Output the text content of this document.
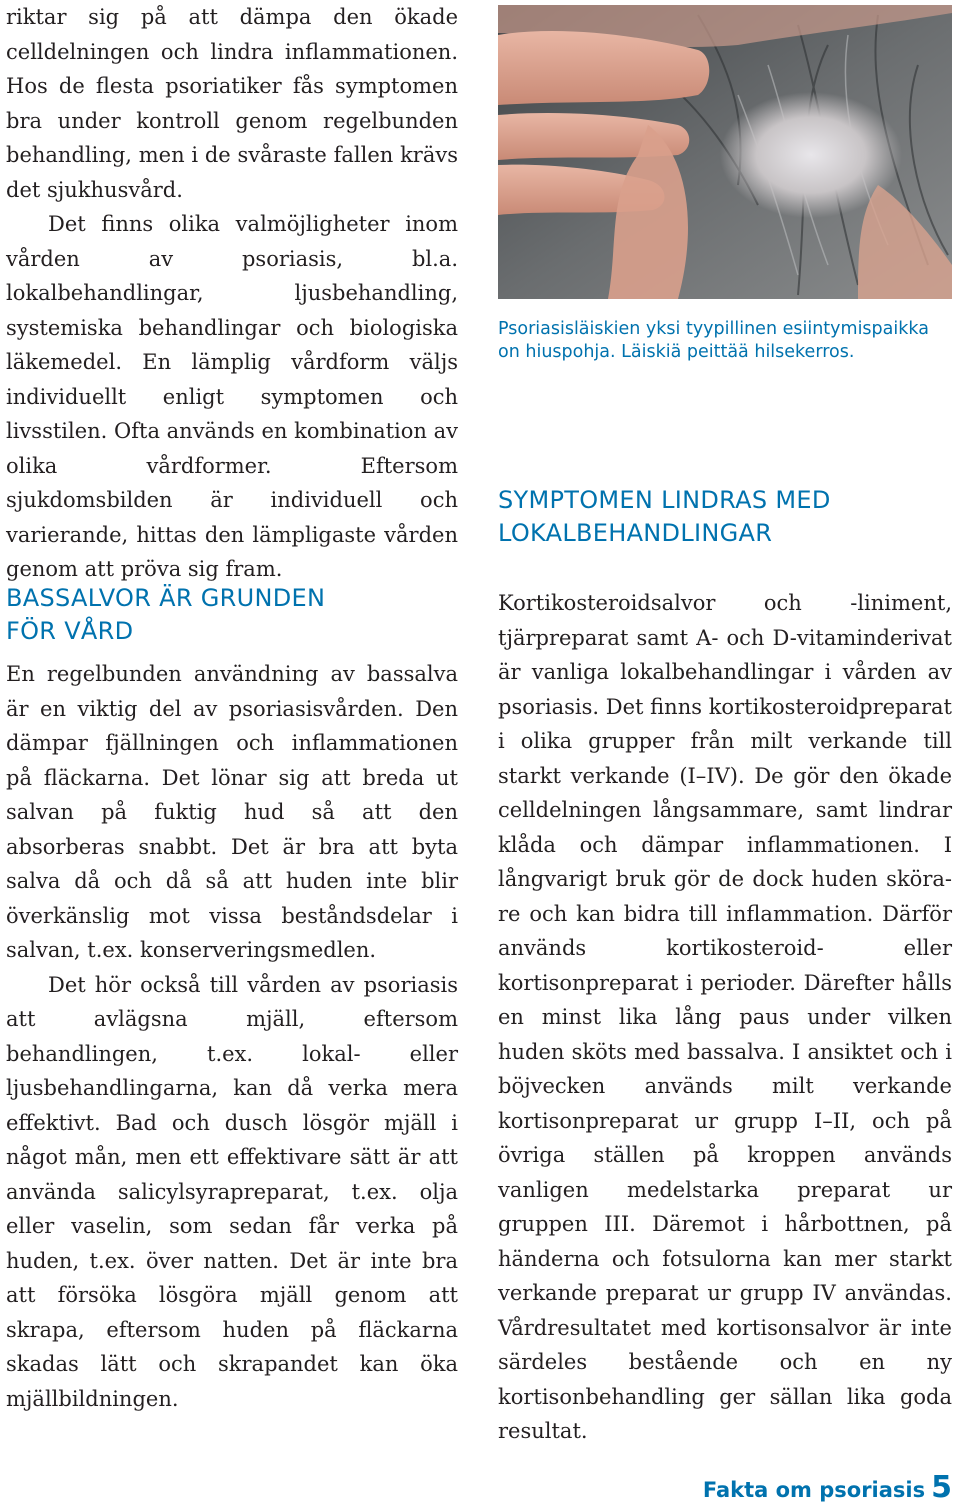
riktar sig på att dämpa den ökade celldelningen och lindra inflammationen. Hos de flesta psoriatiker fås symptomen bra under kontroll genom regelbunden behandling, men i de svåraste fallen krävs det sjukhusvård.

Det finns olika valmöjligheter inom vården av psoriasis, bl.a. lokalbehandlingar, ljusbehandling, systemiska behandlingar och biologiska läkemedel. En lämplig vårdform väljs individuellt enligt symptomen och livsstilen. Ofta används en kombination av olika vårdformer. Eftersom sjukdomsbilden är individuell och varierande, hittas den lämpligaste vården genom att pröva sig fram.

BASSALVOR ÄR GRUNDEN
FÖR VÅRD

En regelbunden användning av bassalva är en viktig del av psoriasisvården. Den dämpar fjällningen och inflammationen på fläckarna. Det lönar sig att breda ut salvan på fuktig hud så att den absorberas snabbt. Det är bra att byta salva då och då så att huden inte blir överkänslig mot vissa beståndsdelar i salvan, t.ex. konserveringsmedlen.

Det hör också till vården av psoriasis att avlägsna mjäll, eftersom behandlingen, t.ex. lokal- eller ljusbehandlingarna, kan då verka mera effektivt. Bad och dusch lösgör mjäll i något mån, men ett effektivare sätt är att använda salicylsyrapreparat, t.ex. olja eller vaselin, som sedan får verka på huden, t.ex. över natten. Det är inte bra att försöka lösgöra mjäll genom att skrapa, eftersom huden på fläckarna skadas lätt och skrapandet kan öka mjällbildningen.

Psoriasisläiskien yksi tyypillinen esiintymispaikka on hiuspohja. Läiskiä peittää hilsekerros.
SYMPTOMEN LINDRAS MED
LOKALBEHANDLINGAR

Kortikosteroidsalvor och -liniment, tjärpreparat samt A- och D-vitaminderivat är vanliga lokalbehandlingar i vården av psoriasis. Det finns kortikosteroidpreparat i olika grupper från milt verkande till starkt verkande (I–IV). De gör den ökade celldelningen långsammare, samt lindrar klåda och dämpar inflammationen. I långvarigt bruk gör de dock huden skörare och kan bidra till inflammation. Därför används kortikosteroid- eller kortisonpreparat i perioder. Därefter hålls en minst lika lång paus under vilken huden sköts med bassalva. I ansiktet och i böjvecken används milt verkande kortisonpreparat ur grupp I–II, och på övriga ställen på kroppen används vanligen medelstarka preparat ur gruppen III. Däremot i hårbottnen, på händerna och fotsulorna kan mer starkt verkande preparat ur grupp IV användas. Vårdresultatet med kortisonsalvor är inte särdeles bestående och en ny kortisonbehandling ger sällan lika goda resultat.

Fakta om psoriasis 5
